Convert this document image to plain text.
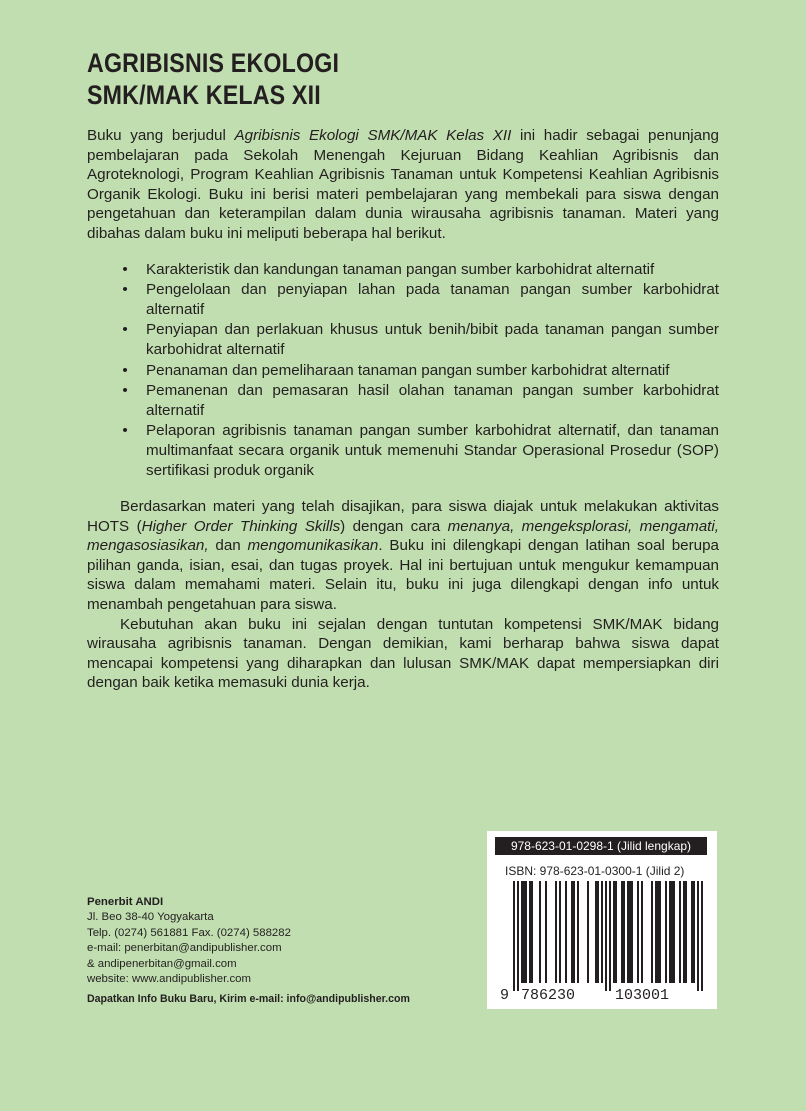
AGRIBISNIS EKOLOGI
SMK/MAK KELAS XII

Buku yang berjudul Agribisnis Ekologi SMK/MAK Kelas XII ini hadir sebagai penunjang pembelajaran pada Sekolah Menengah Kejuruan Bidang Keahlian Agribisnis dan Agroteknologi, Program Keahlian Agribisnis Tanaman untuk Kompetensi Keahlian Agribisnis Organik Ekologi. Buku ini berisi materi pembelajaran yang membekali para siswa dengan pengetahuan dan keterampilan dalam dunia wirausaha agribisnis tanaman. Materi yang dibahas dalam buku ini meliputi beberapa hal berikut.

• Karakteristik dan kandungan tanaman pangan sumber karbohidrat alternatif
• Pengelolaan dan penyiapan lahan pada tanaman pangan sumber karbohidrat alternatif
• Penyiapan dan perlakuan khusus untuk benih/bibit pada tanaman pangan sumber karbohidrat alternatif
• Penanaman dan pemeliharaan tanaman pangan sumber karbohidrat alternatif
• Pemanenan dan pemasaran hasil olahan tanaman pangan sumber karbohidrat alternatif
• Pelaporan agribisnis tanaman pangan sumber karbohidrat alternatif, dan tanaman multimanfaat secara organik untuk memenuhi Standar Operasional Prosedur (SOP) sertifikasi produk organik

Berdasarkan materi yang telah disajikan, para siswa diajak untuk melakukan aktivitas HOTS (Higher Order Thinking Skills) dengan cara menanya, mengeksplorasi, mengamati, mengasosiasikan, dan mengomunikasikan. Buku ini dilengkapi dengan latihan soal berupa pilihan ganda, isian, esai, dan tugas proyek. Hal ini bertujuan untuk mengukur kemampuan siswa dalam memahami materi. Selain itu, buku ini juga dilengkapi dengan info untuk menambah pengetahuan para siswa.

Kebutuhan akan buku ini sejalan dengan tuntutan kompetensi SMK/MAK bidang wirausaha agribisnis tanaman. Dengan demikian, kami berharap bahwa siswa dapat mencapai kompetensi yang diharapkan dan lulusan SMK/MAK dapat mempersiapkan diri dengan baik ketika memasuki dunia kerja.

978-623-01-0298-1 (Jilid lengkap)
ISBN: 978-623-01-0300-1 (Jilid 2)
9 786230	103001
Penerbit ANDI
Jl. Beo 38-40 Yogyakarta
Telp. (0274) 561881 Fax. (0274) 588282
e-mail: penerbitan@andipublisher.com
& andipenerbitan@gmail.com
website: www.andipublisher.com
Dapatkan Info Buku Baru, Kirim e-mail: info@andipublisher.com
